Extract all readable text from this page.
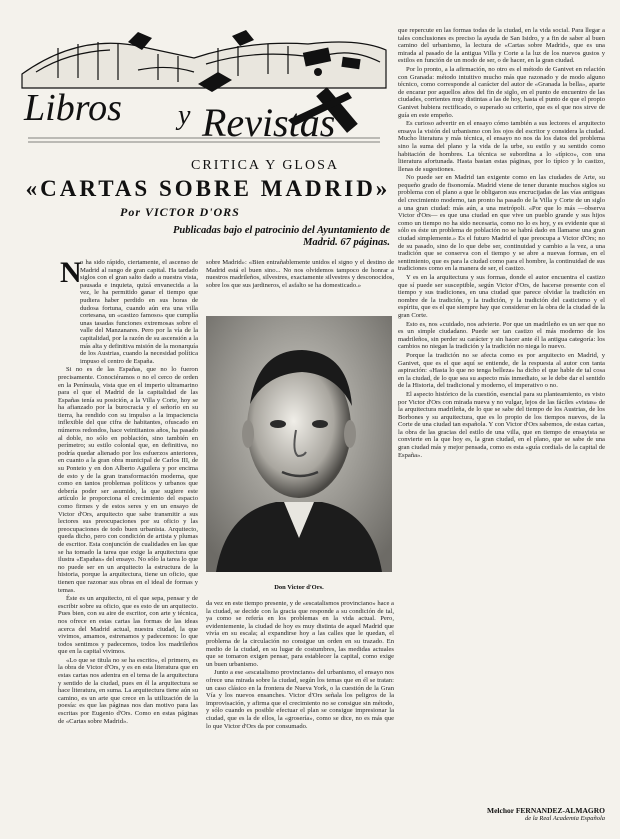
Libros y Revistas
CRITICA Y GLOSA
«CARTAS SOBRE MADRID»
Por VICTOR D'ORS
Publicadas bajo el patrocinio del Ayuntamiento de Madrid. 67 páginas.
N

o ha sido rápido, ciertamente, el ascenso de Madrid al rango de gran capital. Ha tardado siglos con el gran salto dado a nuestra vista, pausada e inquieta, quizá envanecida a la vez, le ha permitido ganar el tiempo que pudiera haber perdido en sus horas de dudosa fortuna, cuando aún era una villa cortesana, un «castizo famoso» que cumplía unas tasadas funciones extremosas sobre el valle del Manzanares. Pero por la vía de la capitalidad, por la razón de su ascensión a la más alta y definitiva misión de la monarquía de los Austrias, cuando la necesidad política impuso el centro de España.

Si no es de las Españas, que no lo fueron precisamente. Conociéramos o no el cerco de orden en la Península, vista que en el imperio ultramarino para el que el Madrid de la capitalidad de las Españas tenía su posición, a la Villa y Corte, hoy se ha afianzado por la burocracia y el señorío en su tierra, ha rendido con su impulso a la impaciencia inflexible del que cifra de habitantes, ofuscado en números redondos, hace veintitantos años, ha pasado al doble, no sólo en población, sino también en perímetro; su estilo colonial que, en definitiva, no podría quedar alienado por los esfuerzos anteriores, en cuanto a la gran obra municipal de Carlos III, de su Ponteio y en don Alberto Aguilera y por encima de esto y de la gran transformación moderna, que como en tantos problemas políticos y urbanos que debería poder ser asumido, la que sugiere este artículo le proporciona el crecimiento del espacio como firmes y de estos seres y en un ensayo de Victor d'Ors, arquitecto que sabe transmitir a sus lectores sus preocupaciones por su oficio y las preocupaciones de todo buen urbanista. Arquitecto, queda dicho, pero con condición de artista y plumas de escritor. Esta conjunción de cualidades en las que se ha tomado la tarea que exige la arquitectura que ilustra «Españas» del ensayo. No sólo la tarea lo que no puede ser en un arquitecto la estructura de la historia, porque la arquitectura, tiene un oficio, que tienen que razonar sus obras en el ideal de formas y temas.

Éste es un arquitecto, ni el que sepa, pensar y de escribir sobre su oficio, que es esto de un arquitecto. Pues bien, con su aire de escritor, con arte y técnica, nos ofrece en estas cartas las formas de las ideas acerca del Madrid actual, nuestra ciudad, la que vivimos, amamos, estrenamos y padecemos: lo que todos sentimos y padecemos, todos los madrileños que en la capital vivimos.

«Lo que se titula no se ha escrito», el primero, es la obra de Victor d'Ors, y es en esta literatura que en estas cartas nos adentra en el tema de la arquitectura y sentido de la ciudad, pues en él la arquitectura se hace literatura, en suma. La arquitectura tiene aún su camino, es un arte que crece en la utilización de la poesía: es que las páginas nos dan motivo para las escritas por Eugenio d'Ors. Como en estas páginas de «Cartas sobre Madrid».

sobre Madrid»: «Bien entrañablemente unidos el signo y el destino de Madrid está el buen sino... No nos olvidemos tampoco de honrar a nuestros madrileños, silvestres, exactamente silvestres y desconocidos, sobre los que sus jardineros, el asfalto se ha domesticado.»

Don Victor d'Ors.

da vez en este tiempo presente, y de «escatalismos provinciano» hace a la ciudad, se decide con la gracia que responde a su condición de tal, ya como se refería en los problemas en la vida actual. Pero, evidentemente, la ciudad de hoy es muy distinta de aquel Madrid que vivía en su escala; al expandirse hoy a las calles que le quedan, el problema de la circulación no consigue un orden en su trazado. En medio de la ciudad, en su lugar de costumbres, las medidas actuales que se tomaron exigen pensar, para establecer la capital, como exige un buen urbanismo.

Junto a ese «escatalismo provinciano» del urbanismo, el ensayo nos ofrece una mirada sobre la ciudad, según los temas que en él se tratan: un caso clásico en la frontera de Nueva York, o la cuestión de la Gran Vía y los nuevos ensanches. Victor d'Ors señala los peligros de la improvisación, y afirma que el crecimiento no se consigue sin método, y sólo cuando es posible efectuar el plan se consigue impresionar la ciudad, que es la de ellos, la «grosería», como se dice, no es más que lo que Victor d'Ors da por consumado.

que repercute en las formas todas de la ciudad, en la vida social. Para llegar a tales conclusiones es preciso la ayuda de San Isidro, y a fin de saber al buen camino del urbanismo, la lectura de «Cartas sobre Madrid», que es una mirada al pasado de la antigua Villa y Corte a la luz de los nuevos gustos y estilos en función de un modo de ser, o de hacer, en la gran ciudad.

Por lo pronto, a la afirmación, no otro es el método de Ganivet en relación con Granada: método intuitivo mucho más que razonado y de modo alguno técnico, como corresponde al carácter del autor de «Granada la bella», aparte de encarar por aquellos años del fin de siglo, en el punto de encuentro de las ciudades, corrientes muy distintas a las de hoy, hasta el punto de que el propio Ganivet hubiera rectificado, o superado su criterio, que es el que nos sirve de guía en este empeño.

Es curioso advertir en el ensayo cómo también a sus lectores el arquitecto ensaya la visión del urbanismo con los ojos del escritor y considera la ciudad. Mucho literatura y más técnica, el ensayo no nos da los datos del problema sino la suma del plano y la vida de la urbe, su estilo y su sentido como habitación de hombres. La técnica se subordina a lo «típico», con una literatura afortunada. Hasta bastan estas páginas, por lo típico y lo castizo, llenas de sugestiones.

No puede ser en Madrid tan exigente como en las ciudades de Arte, su pequeño grado de fisonomía. Madrid viene de tener durante muchos siglos su problema con el plano a que le obligaron sus encrucijadas de las vías antiguas del crecimiento moderno, tan pronto ha pasado de la Villa y Corte de un siglo a una gran ciudad: más aún, a una metrópoli. «Por que lo más —observa Victor d'Ors— es que una ciudad en que vive un pueblo grande y sus hijos como un tiempo no ha sido necesaria, como no lo es hoy, y es evidente que si sólo es éste un problema de población no se habrá dado en llamarse una gran ciudad simplemente.» Es el futuro Madrid el que preocupa a Victor d'Ors; no de su pasado, sino de lo que debe ser, continuidad y cambio a la vez, a una tradición que se conserva con el tiempo y se abre a nuevas formas, en el sentimiento, que es para la ciudad como para el hombre, la continuidad de sus tradiciones como en la manera de ser, el castizo.

Y es en la arquitectura y sus formas, donde el autor encuentra el castizo que sí puede ser susceptible, según Victor d'Ors, de hacerse presente con el tiempo y sus tradiciones, en una ciudad que parece olvidar la tradición en nombre de la tradición, y la tradición, y la tradición del casticismo y el espíritu, que es el que siempre hay que considerar en la obra de la ciudad de la gran Corte.

Esto es, nos «cuidado, nos advierte. Por que un madrileño es un ser que no es un simple ciudadano. Puede ser tan castizo el más moderno de los madrileños, sin perder su carácter y sin hacer ante él la antigua categoría: los cambios no niegan la tradición y la tradición no niega lo nuevo.

Porque la tradición no se afecta como es por arquitecto en Madrid, y Ganivet, que es el que aquí se entiende, de la respuesta al autor con tanta aspiración: «Hasta lo que no tenga belleza» ha dicho el que hable de tal cosa en la ciudad, de lo que sea su aspecto más inmediato, se le debe dar el sentido de la Historia, del tradicional y moderno, el imperativo o no.

El aspecto histórico de la cuestión, esencial para su planteamiento, es visto por Victor d'Ors con mirada nueva y no vulgar, lejos de las fáciles «vistas» de la arquitectura madrileña, de lo que se sabe del tiempo de los Austrias, de los Borbones y su arquitectura, que es lo propio de los tiempos nuevos, de la Corte de una ciudad tan española. Y con Victor d'Ors sabemos, de estas cartas, la obra de las gracias del estilo de una villa, que en tiempo de ensayista se convierte en la que hoy es, la gran ciudad, en el plano, que se sabe de una gran ciudad más y mejor pensada, como es esta «guía cordial» de la capital de España».

Melchor FERNANDEZ-ALMAGRO
de la Real Academia Española
